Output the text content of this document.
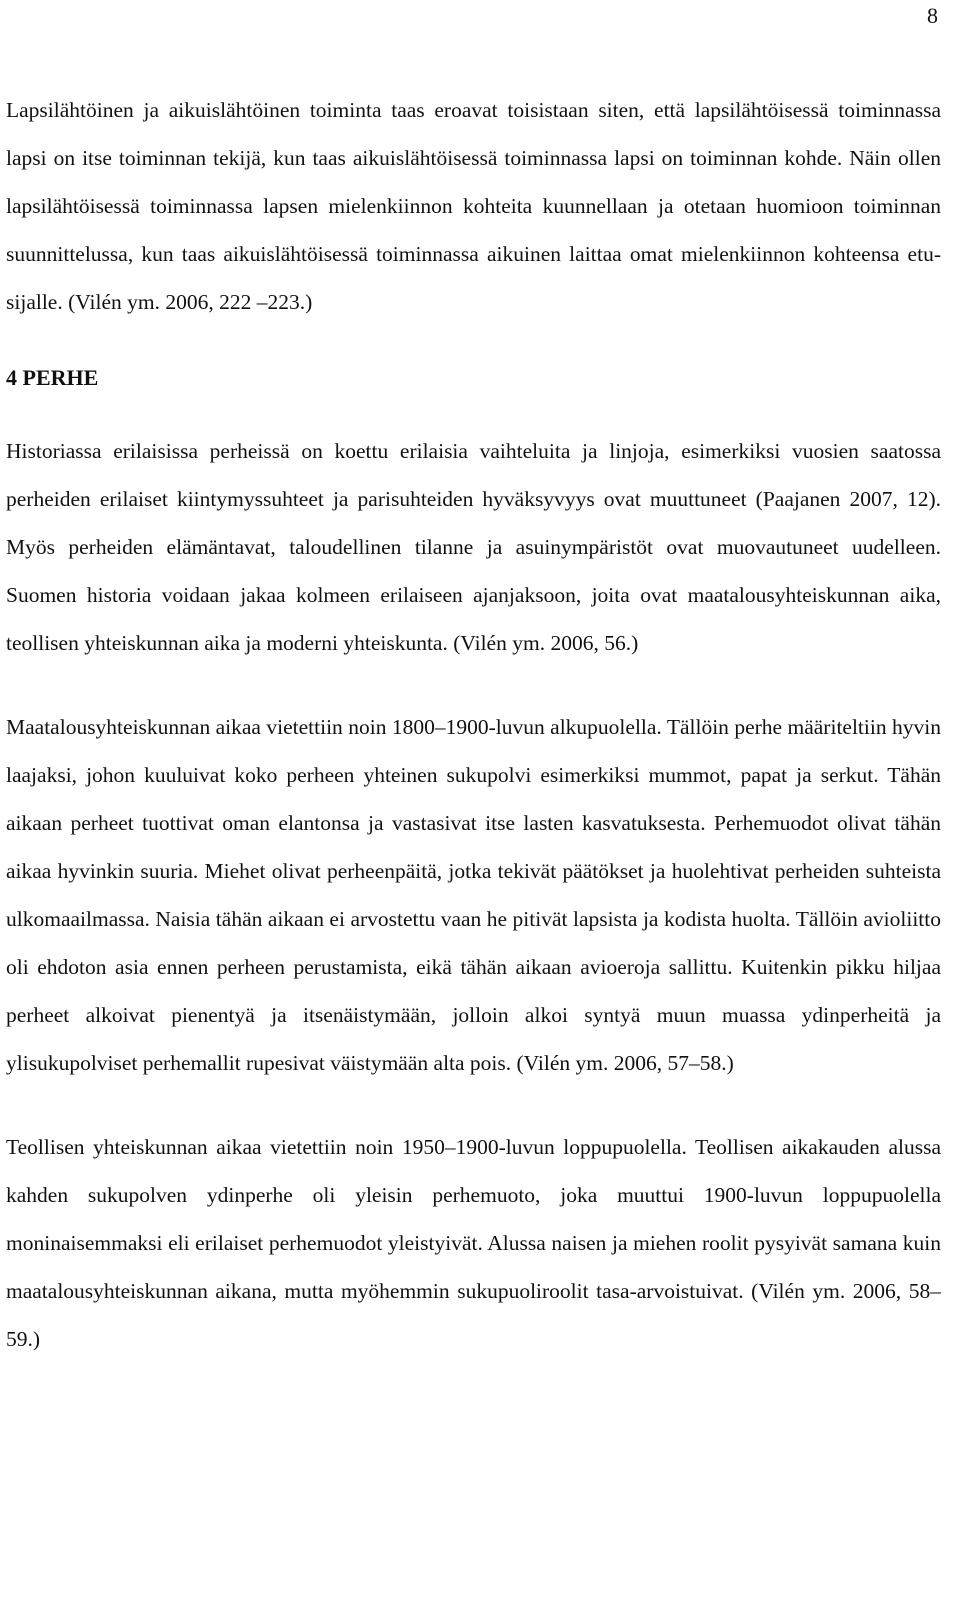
8

Lapsilähtöinen ja aikuislähtöinen toiminta taas eroavat toisistaan siten, että lapsilähtöisessä toiminnassa lapsi on itse toiminnan tekijä, kun taas aikuislähtöisessä toiminnassa lapsi on toiminnan kohde. Näin ollen lapsilähtöisessä toiminnassa lapsen mielenkiinnon kohteita kuunnellaan ja otetaan huomioon toiminnan suunnittelussa, kun taas aikuislähtöisessä toiminnassa aikuinen laittaa omat mielenkiinnon kohteensa etusijalle. (Vilén ym. 2006, 222 –223.)

4 PERHE

Historiassa erilaisissa perheissä on koettu erilaisia vaihteluita ja linjoja, esimerkiksi vuosien saatossa perheiden erilaiset kiintymyssuhteet ja parisuhteiden hyväksyvyys ovat muuttuneet (Paajanen 2007, 12). Myös perheiden elämäntavat, taloudellinen tilanne ja asuinympäristöt ovat muovautuneet uudelleen. Suomen historia voidaan jakaa kolmeen erilaiseen ajanjaksoon, joita ovat maatalousyhteiskunnan aika, teollisen yhteiskunnan aika ja moderni yhteiskunta. (Vilén ym. 2006, 56.)

Maatalousyhteiskunnan aikaa vietettiin noin 1800–1900-luvun alkupuolella. Tällöin perhe määriteltiin hyvin laajaksi, johon kuuluivat koko perheen yhteinen sukupolvi esimerkiksi mummot, papat ja serkut. Tähän aikaan perheet tuottivat oman elantonsa ja vastasivat itse lasten kasvatuksesta. Perhemuodot olivat tähän aikaa hyvinkin suuria. Miehet olivat perheenpäitä, jotka tekivät päätökset ja huolehtivat perheiden suhteista ulkomaailmassa. Naisia tähän aikaan ei arvostettu vaan he pitivät lapsista ja kodista huolta. Tällöin avioliitto oli ehdoton asia ennen perheen perustamista, eikä tähän aikaan avioeroja sallittu. Kuitenkin pikku hiljaa perheet alkoivat pienentyä ja itsenäistymään, jolloin alkoi syntyä muun muassa ydinperheitä ja ylisukupolviset perhemallit rupesivat väistymään alta pois. (Vilén ym. 2006, 57–58.)

Teollisen yhteiskunnan aikaa vietettiin noin 1950–1900-luvun loppupuolella. Teollisen aikakauden alussa kahden sukupolven ydinperhe oli yleisin perhemuoto, joka muuttui 1900-luvun loppupuolella moninaisemmaksi eli erilaiset perhemuodot yleistyivät. Alussa naisen ja miehen roolit pysyivät samana kuin maatalousyhteiskunnan aikana, mutta myöhemmin sukupuoliroolit tasa-arvoistuivat. (Vilén ym. 2006, 58–59.)
